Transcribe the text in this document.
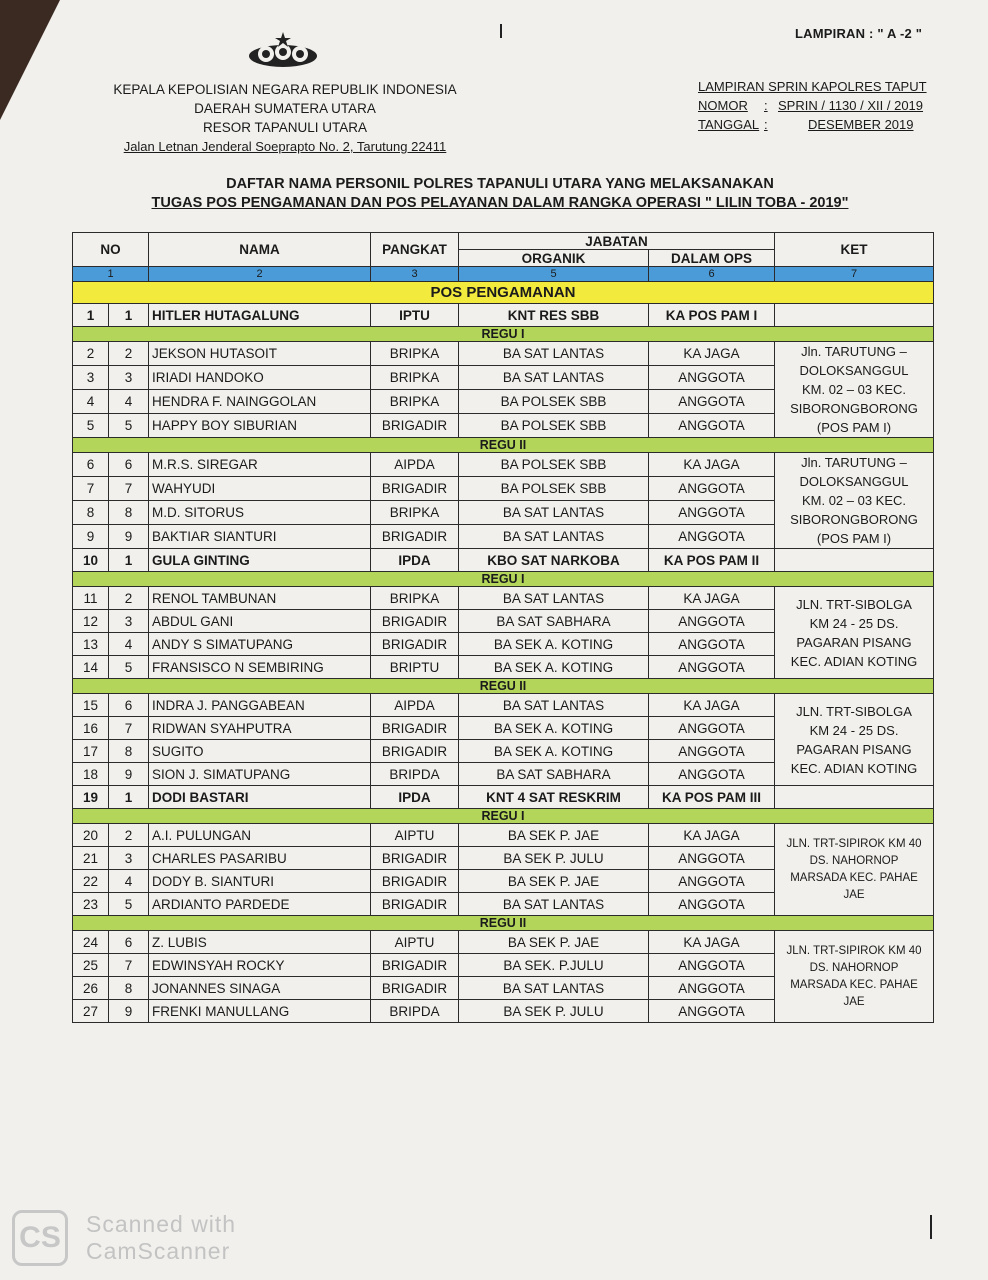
LAMPIRAN : " A -2 "
KEPALA KEPOLISIAN NEGARA REPUBLIK INDONESIA
DAERAH SUMATERA UTARA
RESOR TAPANULI UTARA
Jalan Letnan Jenderal Soeprapto No. 2, Tarutung 22411
LAMPIRAN SPRIN KAPOLRES TAPUT
NOMOR	: SPRIN / 1130 / XII / 2019
TANGGAL :	DESEMBER 2019
DAFTAR NAMA PERSONIL POLRES TAPANULI UTARA YANG MELAKSANAKAN
TUGAS POS PENGAMANAN DAN POS PELAYANAN DALAM RANGKA OPERASI " LILIN TOBA - 2019"
NO		NAMA	PANGKAT	JABATAN		KET
				ORGANIK	DALAM OPS	
1		2	3	5	6	7
POS PENGAMANAN						
1	1	HITLER HUTAGALUNG	IPTU	KNT RES SBB	KA POS PAM I	
REGU I						
2	2	JEKSON HUTASOIT	BRIPKA	BA SAT LANTAS	KA JAGA	Jln. TARUTUNG –
DOLOKSANGGUL
KM. 02 – 03 KEC.
SIBORONGBORONG
(POS PAM I)

3	3	IRIADI HANDOKO	BRIPKA	BA SAT LANTAS	ANGGOTA	
4	4	HENDRA F. NAINGGOLAN	BRIPKA	BA POLSEK SBB	ANGGOTA	
5	5	HAPPY BOY SIBURIAN	BRIGADIR	BA POLSEK SBB	ANGGOTA	
REGU II						
6	6	M.R.S. SIREGAR	AIPDA	BA POLSEK SBB	KA JAGA	Jln. TARUTUNG –
DOLOKSANGGUL
KM. 02 – 03 KEC.
SIBORONGBORONG
(POS PAM I)

7	7	WAHYUDI	BRIGADIR	BA POLSEK SBB	ANGGOTA	
8	8	M.D. SITORUS	BRIPKA	BA SAT LANTAS	ANGGOTA	
9	9	BAKTIAR SIANTURI	BRIGADIR	BA SAT LANTAS	ANGGOTA	
10	1	GULA GINTING	IPDA	KBO SAT NARKOBA	KA POS PAM II	
REGU I						
11	2	RENOL TAMBUNAN	BRIPKA	BA SAT LANTAS	KA JAGA	JLN. TRT-SIBOLGA
KM 24 - 25 DS.
PAGARAN PISANG
KEC. ADIAN KOTING

12	3	ABDUL GANI	BRIGADIR	BA SAT SABHARA	ANGGOTA	
13	4	ANDY S SIMATUPANG	BRIGADIR	BA SEK A. KOTING	ANGGOTA	
14	5	FRANSISCO N SEMBIRING	BRIPTU	BA SEK A. KOTING	ANGGOTA	
REGU II						
15	6	INDRA J. PANGGABEAN	AIPDA	BA SAT LANTAS	KA JAGA	JLN. TRT-SIBOLGA
KM 24 - 25 DS.
PAGARAN PISANG
KEC. ADIAN KOTING

16	7	RIDWAN SYAHPUTRA	BRIGADIR	BA SEK A. KOTING	ANGGOTA	
17	8	SUGITO	BRIGADIR	BA SEK A. KOTING	ANGGOTA	
18	9	SION J. SIMATUPANG	BRIPDA	BA SAT SABHARA	ANGGOTA	
19	1	DODI BASTARI	IPDA	KNT 4 SAT RESKRIM	KA POS PAM III	
REGU I						
20	2	A.I. PULUNGAN	AIPTU	BA SEK P. JAE	KA JAGA	JLN. TRT-SIPIROK KM 40
DS. NAHORNOP
MARSADA KEC. PAHAE
JAE

21	3	CHARLES PASARIBU	BRIGADIR	BA SEK P. JULU	ANGGOTA	
22	4	DODY B. SIANTURI	BRIGADIR	BA SEK P. JAE	ANGGOTA	
23	5	ARDIANTO PARDEDE	BRIGADIR	BA SAT LANTAS	ANGGOTA	
REGU II						
24	6	Z. LUBIS	AIPTU	BA SEK P. JAE	KA JAGA	JLN. TRT-SIPIROK KM 40
DS. NAHORNOP
MARSADA KEC. PAHAE
JAE

25	7	EDWINSYAH ROCKY	BRIGADIR	BA SEK. P.JULU	ANGGOTA	
26	8	JONANNES SINAGA	BRIGADIR	BA SAT LANTAS	ANGGOTA	
27	9	FRENKI MANULLANG	BRIPDA	BA SEK P. JULU	ANGGOTA	
CS	Scanned with
CamScanner
